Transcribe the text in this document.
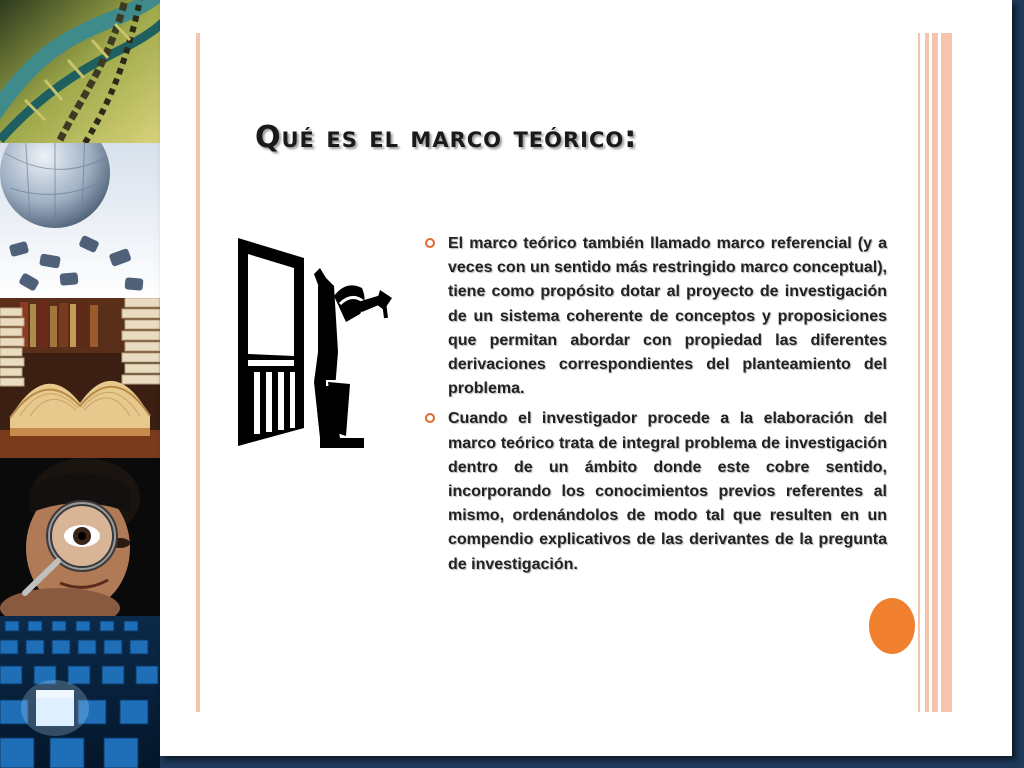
Qué es el marco teórico:
El marco teórico también llamado marco referencial (y a veces con un sentido más restringido marco conceptual), tiene como propósito dotar al proyecto de investigación de un sistema coherente de conceptos y proposiciones que permitan abordar con propiedad las diferentes derivaciones correspondientes del planteamiento del problema.
Cuando el investigador procede a la elaboración del marco teórico trata de integral problema de investigación dentro de un ámbito donde este cobre sentido, incorporando los conocimientos previos referentes al mismo, ordenándolos de modo tal que resulten en un compendio explicativos de las derivantes de la pregunta de investigación.
